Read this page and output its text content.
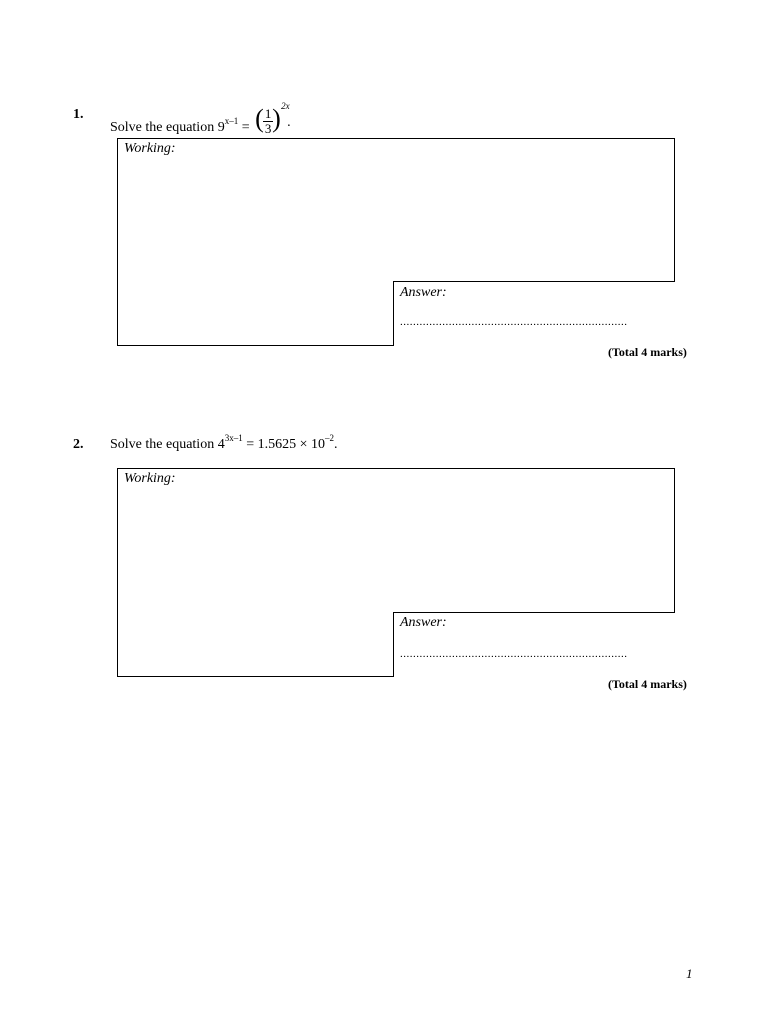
1.
Solve the equation $9^{x-1}$ = ( 1
3 ) 2x
.
Working:
Answer:
......................................................................
(Total 4 marks)
2. Solve the equation $4^{3x-1} = 1.5625 \times 10^{-2}$.
Working:
Answer:
......................................................................
(Total 4 marks)
1
